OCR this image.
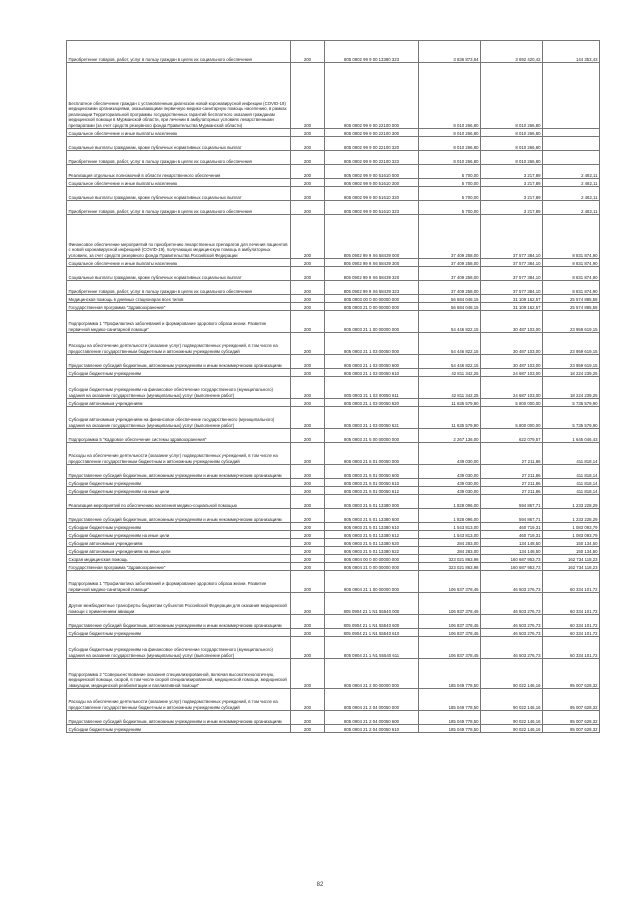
Приобретение товаров, работ, услуг в пользу граждан в целях их социального обеспечения	200	805 0902 99 9 00 13380 323	3 836 873,64	3 692 420,42	144 353,43
Бесплатное обеспечение граждан с установленным диагнозом новой коронавирусной инфекции (COVID-19) медицинскими организациями, оказывающими первичную медико-санитарную помощь населению, в рамках реализации Территориальной программы государственных гарантий бесплатного оказания гражданам медицинской помощи в Мурманской области, при лечении в амбулаторных условиях лекарственными препаратами (за счет средств резервного фонда Правительства Мурманской области)	200	805 0902 99 9 00 22100 000	8 010 266,80	8 010 266,80	
Социальное обеспечение и иные выплаты населению	200	805 0902 99 9 00 22100 300	8 010 266,80	8 010 266,80	
Социальные выплаты гражданам, кроме публичных нормативных социальных выплат	200	805 0902 99 9 00 22100 320	8 010 266,80	8 010 266,80	
Приобретение товаров, работ, услуг в пользу граждан в целях их социального обеспечения	200	805 0902 99 9 00 22100 323	8 010 266,80	8 010 266,80	
Реализация отдельных полномочий в области лекарственного обеспечения	200	805 0902 99 9 00 51610 000	5 700,00	3 217,89	2 482,11
Социальное обеспечение и иные выплаты населению	200	805 0902 99 9 00 51610 300	5 700,00	3 217,89	2 482,11
Социальные выплаты гражданам, кроме публичных нормативных социальных выплат	200	805 0902 99 9 00 51610 320	5 700,00	3 217,89	2 482,11
Приобретение товаров, работ, услуг в пользу граждан в целях их социального обеспечения	200	805 0902 99 9 00 51610 323	5 700,00	3 217,89	2 482,11
Финансовое обеспечение мероприятий по приобретению лекарственных препаратов для лечения пациентов с новой коронавирусной инфекцией (COVID-19), получающих медицинскую помощь в амбулаторных условиях, за счет средств резервного фонда Правительства Российской Федерации	200	805 0902 99 9 Х6 58439 000	37 409 258,00	37 577 384,10	8 831 874,90
Социальное обеспечение и иные выплаты населению	200	805 0902 99 9 Х6 58439 300	37 409 258,00	37 577 384,10	8 831 874,90
Социальные выплаты гражданам, кроме публичных нормативных социальных выплат	200	805 0902 99 9 Х6 58439 320	37 409 258,00	37 577 384,10	8 831 874,90
Приобретение товаров, работ, услуг в пользу граждан в целях их социального обеспечения	200	805 0902 99 9 Х6 58439 323	37 409 258,00	37 577 384,10	8 831 874,90
Медицинская помощь в дневных стационарах всех типов	200	805 0903 00 0 00 00000 000	56 684 048,15	31 109 162,57	25 574 885,58
Государственная программа "Здравоохранение"	200	805 0903 21 0 00 00000 000	56 684 048,15	31 109 162,57	25 574 885,58
Подпрограмма 1 "Профилактика заболеваний и формирование здорового образа жизни. Развитие первичной медико-санитарной помощи"	200	805 0903 21 1 00 00000 000	54 446 822,15	30 487 103,00	23 959 619,15
Расходы на обеспечение деятельности (оказание услуг) подведомственных учреждений, в том числе на предоставление государственным бюджетным и автономным учреждениям субсидий	200	805 0903 21 1 03 00050 000	54 446 822,15	30 487 103,00	23 959 619,15
Предоставление субсидий бюджетным, автономным учреждениям и иным некоммерческим организациям	200	805 0903 21 1 03 00050 600	54 446 822,15	30 487 103,00	23 959 619,15
Субсидии бюджетным учреждениям	200	805 0903 21 1 03 00050 610	42 811 342,25	24 687 103,00	18 224 239,25
Субсидии бюджетным учреждениям на финансовое обеспечение государственного (муниципального) задания на оказание государственных (муниципальных) услуг (выполнение работ)	200	805 0903 21 1 03 00050 611	42 811 342,25	24 687 103,00	18 224 239,25
Субсидии автономным учреждениям	200	805 0903 21 1 03 00050 620	11 635 579,90	5 800 000,00	5 735 579,90
Субсидии автономным учреждениям на финансовое обеспечение государственного (муниципального) задания на оказание государственных (муниципальных) услуг (выполнение работ)	200	805 0903 21 1 03 00050 621	11 635 579,90	5 800 000,00	5 735 579,90
Подпрограмма 5 "Кадровое обеспечение системы здравоохранения"	200	805 0903 21 5 00 00000 000	2 267 136,00	622 079,57	1 645 046,43
Расходы на обеспечение деятельности (оказание услуг) подведомственных учреждений, в том числе на предоставление государственным бюджетным и автономным учреждениям субсидий	200	805 0903 21 5 01 00050 000	439 030,00	27 211,86	411 818,14
Предоставление субсидий бюджетным, автономным учреждениям и иным некоммерческим организациям	200	805 0903 21 5 01 00050 600	439 030,00	27 211,86	411 818,14
Субсидии бюджетным учреждениям	200	805 0903 21 5 01 00050 610	439 030,00	27 211,86	411 818,14
Субсидии бюджетным учреждениям на иные цели	200	805 0903 21 5 01 00050 612	439 030,00	27 211,86	411 818,14
Реализация мероприятий по обеспечению населения медико-социальной помощью	200	805 0903 21 5 01 13380 000	1 828 096,00	594 867,71	1 233 228,29
Предоставление субсидий бюджетным, автономным учреждениям и иным некоммерческим организациям	200	805 0903 21 5 01 13380 600	1 828 096,00	594 867,71	1 233 228,29
Субсидии бюджетным учреждениям	200	805 0903 21 5 01 13380 610	1 543 813,00	460 719,31	1 083 093,79
Субсидии бюджетным учреждениям на иные цели	200	805 0903 21 5 01 13380 612	1 543 813,00	460 719,31	1 083 093,79
Субсидии автономным учреждениям	200	805 0903 21 5 01 13380 620	284 283,00	134 148,50	150 134,50
Субсидии автономным учреждениям на иные цели	200	805 0903 21 5 01 13380 622	284 283,00	134 148,50	150 134,50
Скорая медицинская помощь	200	805 0904 00 0 00 00000 000	323 021 863,98	160 687 953,73	162 734 118,23
Государственная программа "Здравоохранение"	200	805 0904 21 0 00 00000 000	323 021 863,98	160 687 953,73	162 734 118,23
Подпрограмма 1 "Профилактика заболеваний и формирование здорового образа жизни. Развитие первичной медико-санитарной помощи"	200	805 0904 21 1 00 00000 000	106 837 378,45	46 503 276,73	60 334 101,72
Другие межбюджетные трансферты бюджетам субъектов Российской Федерации для оказания медицинской помощи с применением авиации	200	805 0904 21 1 N1 55540 000	106 837 378,45	46 503 276,73	60 334 101,72
Предоставление субсидий бюджетным, автономным учреждениям и иным некоммерческим организациям	200	805 0904 21 1 N1 55540 600	106 837 378,45	46 503 276,73	60 334 101,72
Субсидии бюджетным учреждениям	200	805 0904 21 1 N1 55540 610	106 837 378,45	46 503 276,73	60 334 101,72
Субсидии бюджетным учреждениям на финансовое обеспечение государственного (муниципального) задания на оказание государственных (муниципальных) услуг (выполнение работ)	200	805 0904 21 1 N1 55540 611	106 837 378,45	46 503 276,73	60 334 101,72
Подпрограмма 2 "Совершенствование оказания специализированной, включая высокотехнологичную, медицинской помощи, скорой, в том числе скорой специализированной, медицинской помощи, медицинской эвакуации, медицинской реабилитации и паллиативной помощи"	200	805 0904 21 2 00 00000 000	185 049 778,50	90 022 146,16	95 007 628,32
Расходы на обеспечение деятельности (оказание услуг) подведомственных учреждений, в том числе на предоставление государственным бюджетным и автономным учреждениям субсидий	200	805 0904 21 2 04 00050 000	185 049 778,50	90 022 146,16	95 007 628,32
Предоставление субсидий бюджетным, автономным учреждениям и иным некоммерческим организациям	200	805 0904 21 2 04 00050 600	185 049 778,50	90 022 146,16	95 007 628,32
Субсидии бюджетным учреждениям	200	805 0904 21 2 04 00050 610	185 049 778,50	90 022 146,16	95 007 628,32
82
